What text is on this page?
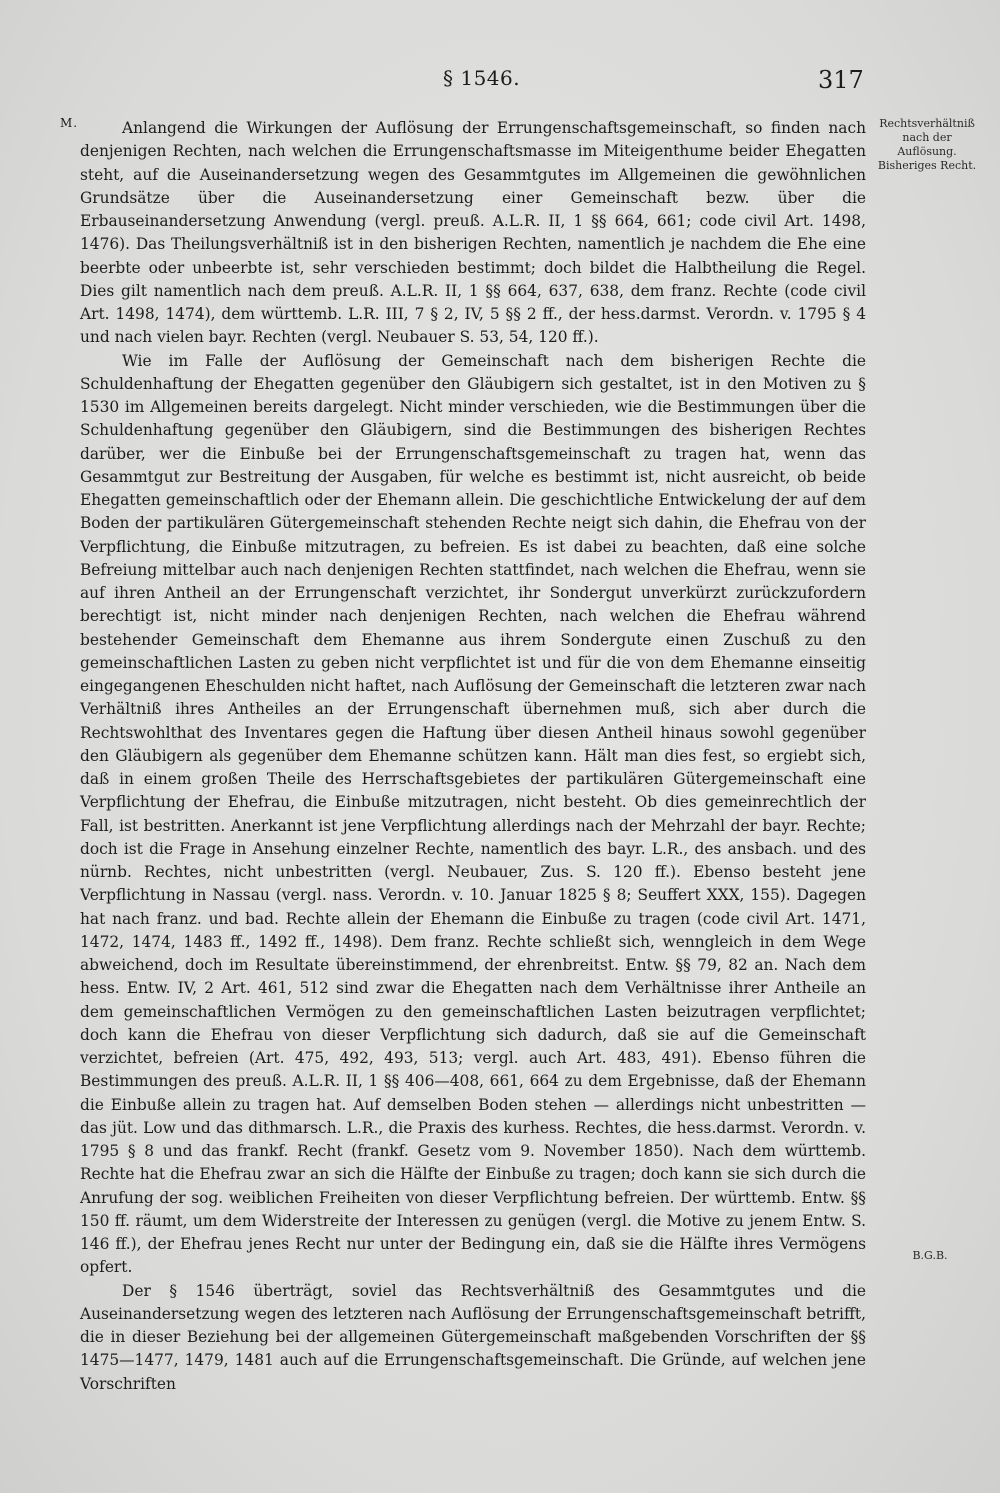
§ 1546.	317
M.	Rechtsverhältniß nach der Auflösung. Bisheriges Recht.
B.G.B.

Anlangend die Wirkungen der Auflösung der Errungenschaftsgemeinschaft, so finden nach denjenigen Rechten, nach welchen die Errungenschaftsmasse im Miteigenthume beider Ehegatten steht, auf die Auseinandersetzung wegen des Gesammtgutes im Allgemeinen die gewöhnlichen Grundsätze über die Auseinandersetzung einer Gemeinschaft bezw. über die Erbauseinandersetzung Anwendung (vergl. preuß. A.L.R. II, 1 §§ 664, 661; code civil Art. 1498, 1476). Das Theilungsverhältniß ist in den bisherigen Rechten, namentlich je nachdem die Ehe eine beerbte oder unbeerbte ist, sehr verschieden bestimmt; doch bildet die Halbtheilung die Regel. Dies gilt namentlich nach dem preuß. A.L.R. II, 1 §§ 664, 637, 638, dem franz. Rechte (code civil Art. 1498, 1474), dem württemb. L.R. III, 7 § 2, IV, 5 §§ 2 ff., der hess.darmst. Verordn. v. 1795 § 4 und nach vielen bayr. Rechten (vergl. Neubauer S. 53, 54, 120 ff.).

Wie im Falle der Auflösung der Gemeinschaft nach dem bisherigen Rechte die Schuldenhaftung der Ehegatten gegenüber den Gläubigern sich gestaltet, ist in den Motiven zu § 1530 im Allgemeinen bereits dargelegt. Nicht minder verschieden, wie die Bestimmungen über die Schuldenhaftung gegenüber den Gläubigern, sind die Bestimmungen des bisherigen Rechtes darüber, wer die Einbuße bei der Errungenschaftsgemeinschaft zu tragen hat, wenn das Gesammtgut zur Bestreitung der Ausgaben, für welche es bestimmt ist, nicht ausreicht, ob beide Ehegatten gemeinschaftlich oder der Ehemann allein. Die geschichtliche Entwickelung der auf dem Boden der partikulären Gütergemeinschaft stehenden Rechte neigt sich dahin, die Ehefrau von der Verpflichtung, die Einbuße mitzutragen, zu befreien. Es ist dabei zu beachten, daß eine solche Befreiung mittelbar auch nach denjenigen Rechten stattfindet, nach welchen die Ehefrau, wenn sie auf ihren Antheil an der Errungenschaft verzichtet, ihr Sondergut unverkürzt zurückzufordern berechtigt ist, nicht minder nach denjenigen Rechten, nach welchen die Ehefrau während bestehender Gemeinschaft dem Ehemanne aus ihrem Sondergute einen Zuschuß zu den gemeinschaftlichen Lasten zu geben nicht verpflichtet ist und für die von dem Ehemanne einseitig eingegangenen Eheschulden nicht haftet, nach Auflösung der Gemeinschaft die letzteren zwar nach Verhältniß ihres Antheiles an der Errungenschaft übernehmen muß, sich aber durch die Rechtswohlthat des Inventares gegen die Haftung über diesen Antheil hinaus sowohl gegenüber den Gläubigern als gegenüber dem Ehemanne schützen kann. Hält man dies fest, so ergiebt sich, daß in einem großen Theile des Herrschaftsgebietes der partikulären Gütergemeinschaft eine Verpflichtung der Ehefrau, die Einbuße mitzutragen, nicht besteht. Ob dies gemeinrechtlich der Fall, ist bestritten. Anerkannt ist jene Verpflichtung allerdings nach der Mehrzahl der bayr. Rechte; doch ist die Frage in Ansehung einzelner Rechte, namentlich des bayr. L.R., des ansbach. und des nürnb. Rechtes, nicht unbestritten (vergl. Neubauer, Zus. S. 120 ff.). Ebenso besteht jene Verpflichtung in Nassau (vergl. nass. Verordn. v. 10. Januar 1825 § 8; Seuffert XXX, 155). Dagegen hat nach franz. und bad. Rechte allein der Ehemann die Einbuße zu tragen (code civil Art. 1471, 1472, 1474, 1483 ff., 1492 ff., 1498). Dem franz. Rechte schließt sich, wenngleich in dem Wege abweichend, doch im Resultate übereinstimmend, der ehrenbreitst. Entw. §§ 79, 82 an. Nach dem hess. Entw. IV, 2 Art. 461, 512 sind zwar die Ehegatten nach dem Verhältnisse ihrer Antheile an dem gemeinschaftlichen Vermögen zu den gemeinschaftlichen Lasten beizutragen verpflichtet; doch kann die Ehefrau von dieser Verpflichtung sich dadurch, daß sie auf die Gemeinschaft verzichtet, befreien (Art. 475, 492, 493, 513; vergl. auch Art. 483, 491). Ebenso führen die Bestimmungen des preuß. A.L.R. II, 1 §§ 406—408, 661, 664 zu dem Ergebnisse, daß der Ehemann die Einbuße allein zu tragen hat. Auf demselben Boden stehen — allerdings nicht unbestritten — das jüt. Low und das dithmarsch. L.R., die Praxis des kurhess. Rechtes, die hess.darmst. Verordn. v. 1795 § 8 und das frankf. Recht (frankf. Gesetz vom 9. November 1850). Nach dem württemb. Rechte hat die Ehefrau zwar an sich die Hälfte der Einbuße zu tragen; doch kann sie sich durch die Anrufung der sog. weiblichen Freiheiten von dieser Verpflichtung befreien. Der württemb. Entw. §§ 150 ff. räumt, um dem Widerstreite der Interessen zu genügen (vergl. die Motive zu jenem Entw. S. 146 ff.), der Ehefrau jenes Recht nur unter der Bedingung ein, daß sie die Hälfte ihres Vermögens opfert.

Der § 1546 überträgt, soviel das Rechtsverhältniß des Gesammtgutes und die Auseinandersetzung wegen des letzteren nach Auflösung der Errungenschaftsgemeinschaft betrifft, die in dieser Beziehung bei der allgemeinen Gütergemeinschaft maßgebenden Vorschriften der §§ 1475—1477, 1479, 1481 auch auf die Errungenschaftsgemeinschaft. Die Gründe, auf welchen jene Vorschriften
